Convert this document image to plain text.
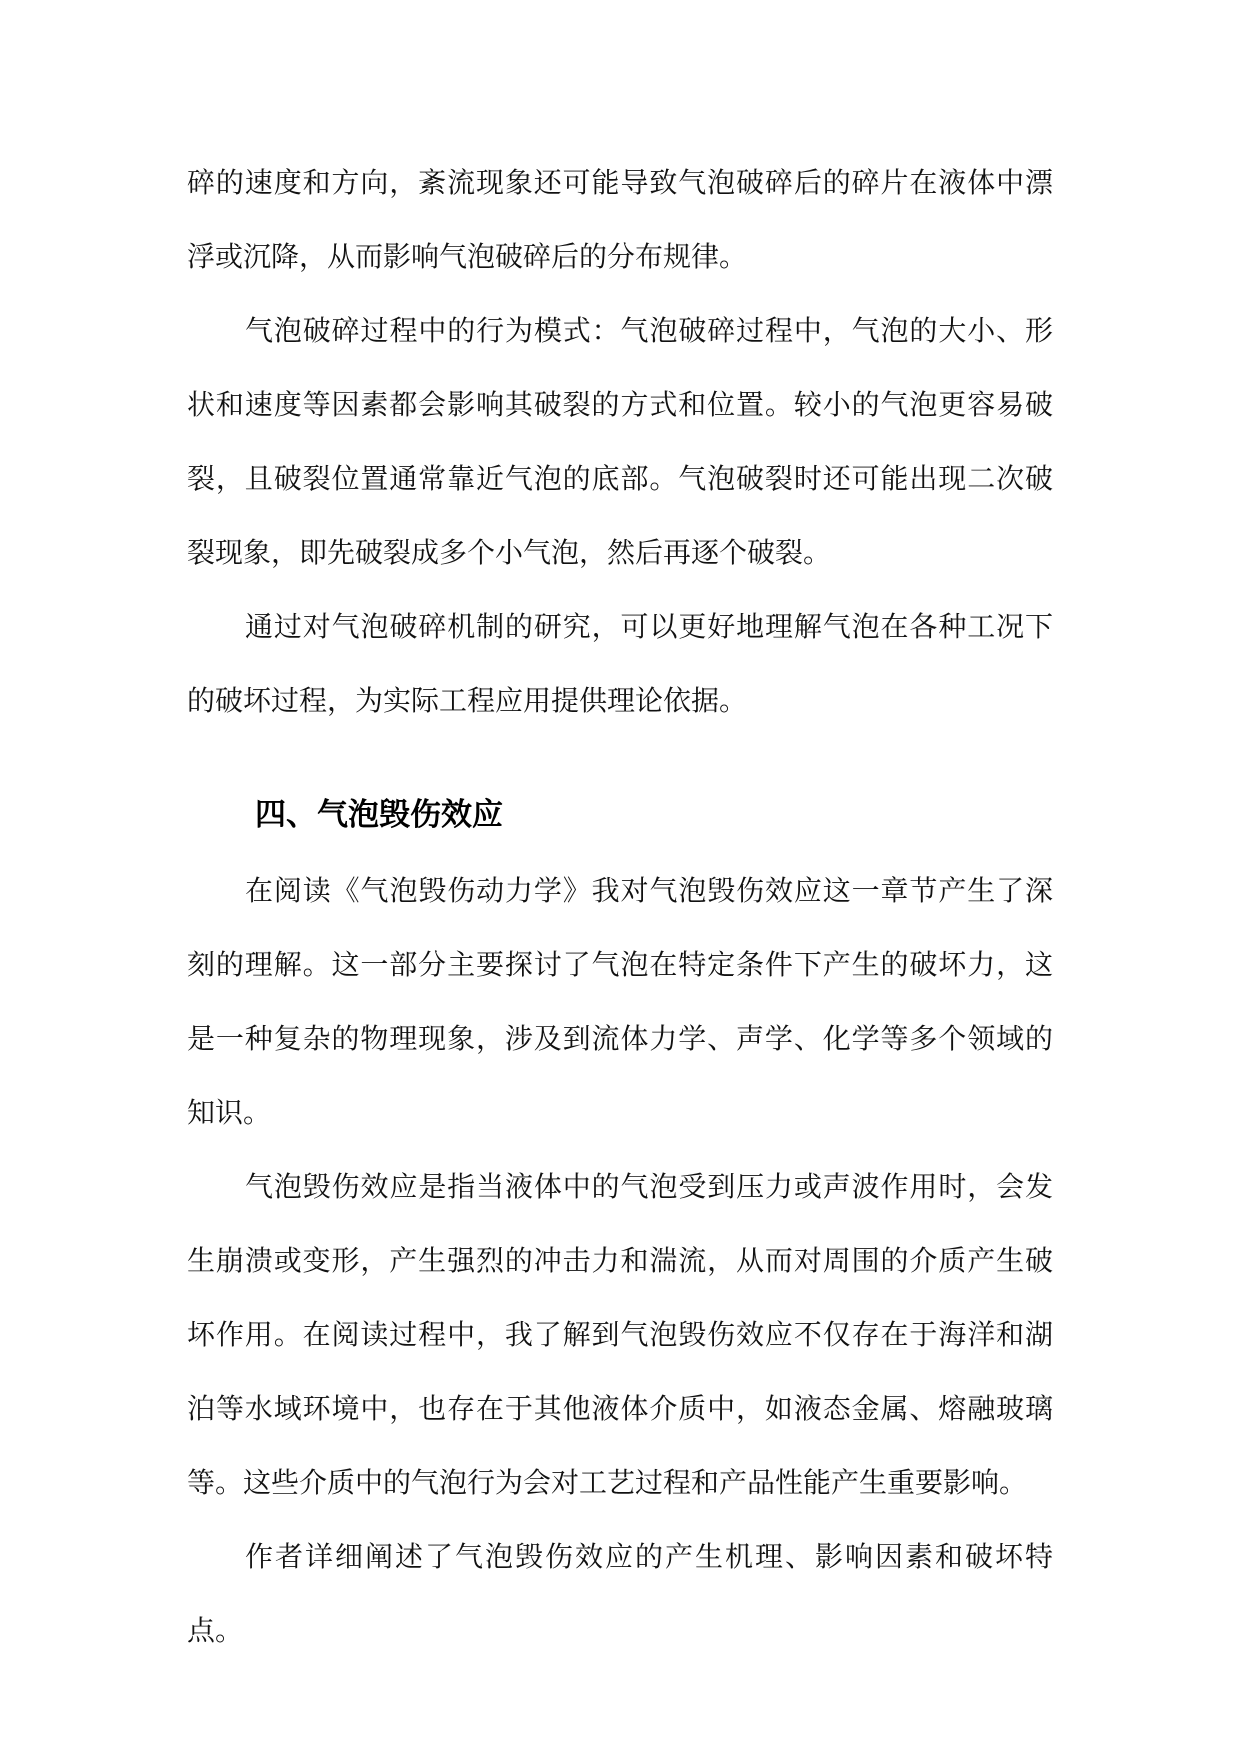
碎的速度和方向，紊流现象还可能导致气泡破碎后的碎片在液体中漂浮或沉降，从而影响气泡破碎后的分布规律。

气泡破碎过程中的行为模式：气泡破碎过程中，气泡的大小、形状和速度等因素都会影响其破裂的方式和位置。较小的气泡更容易破裂，且破裂位置通常靠近气泡的底部。气泡破裂时还可能出现二次破裂现象，即先破裂成多个小气泡，然后再逐个破裂。

通过对气泡破碎机制的研究，可以更好地理解气泡在各种工况下的破坏过程，为实际工程应用提供理论依据。

四、气泡毁伤效应

在阅读《气泡毁伤动力学》我对气泡毁伤效应这一章节产生了深刻的理解。这一部分主要探讨了气泡在特定条件下产生的破坏力，这是一种复杂的物理现象，涉及到流体力学、声学、化学等多个领域的知识。

气泡毁伤效应是指当液体中的气泡受到压力或声波作用时，会发生崩溃或变形，产生强烈的冲击力和湍流，从而对周围的介质产生破坏作用。在阅读过程中，我了解到气泡毁伤效应不仅存在于海洋和湖泊等水域环境中，也存在于其他液体介质中，如液态金属、熔融玻璃等。这些介质中的气泡行为会对工艺过程和产品性能产生重要影响。

作者详细阐述了气泡毁伤效应的产生机理、影响因素和破坏特点。
